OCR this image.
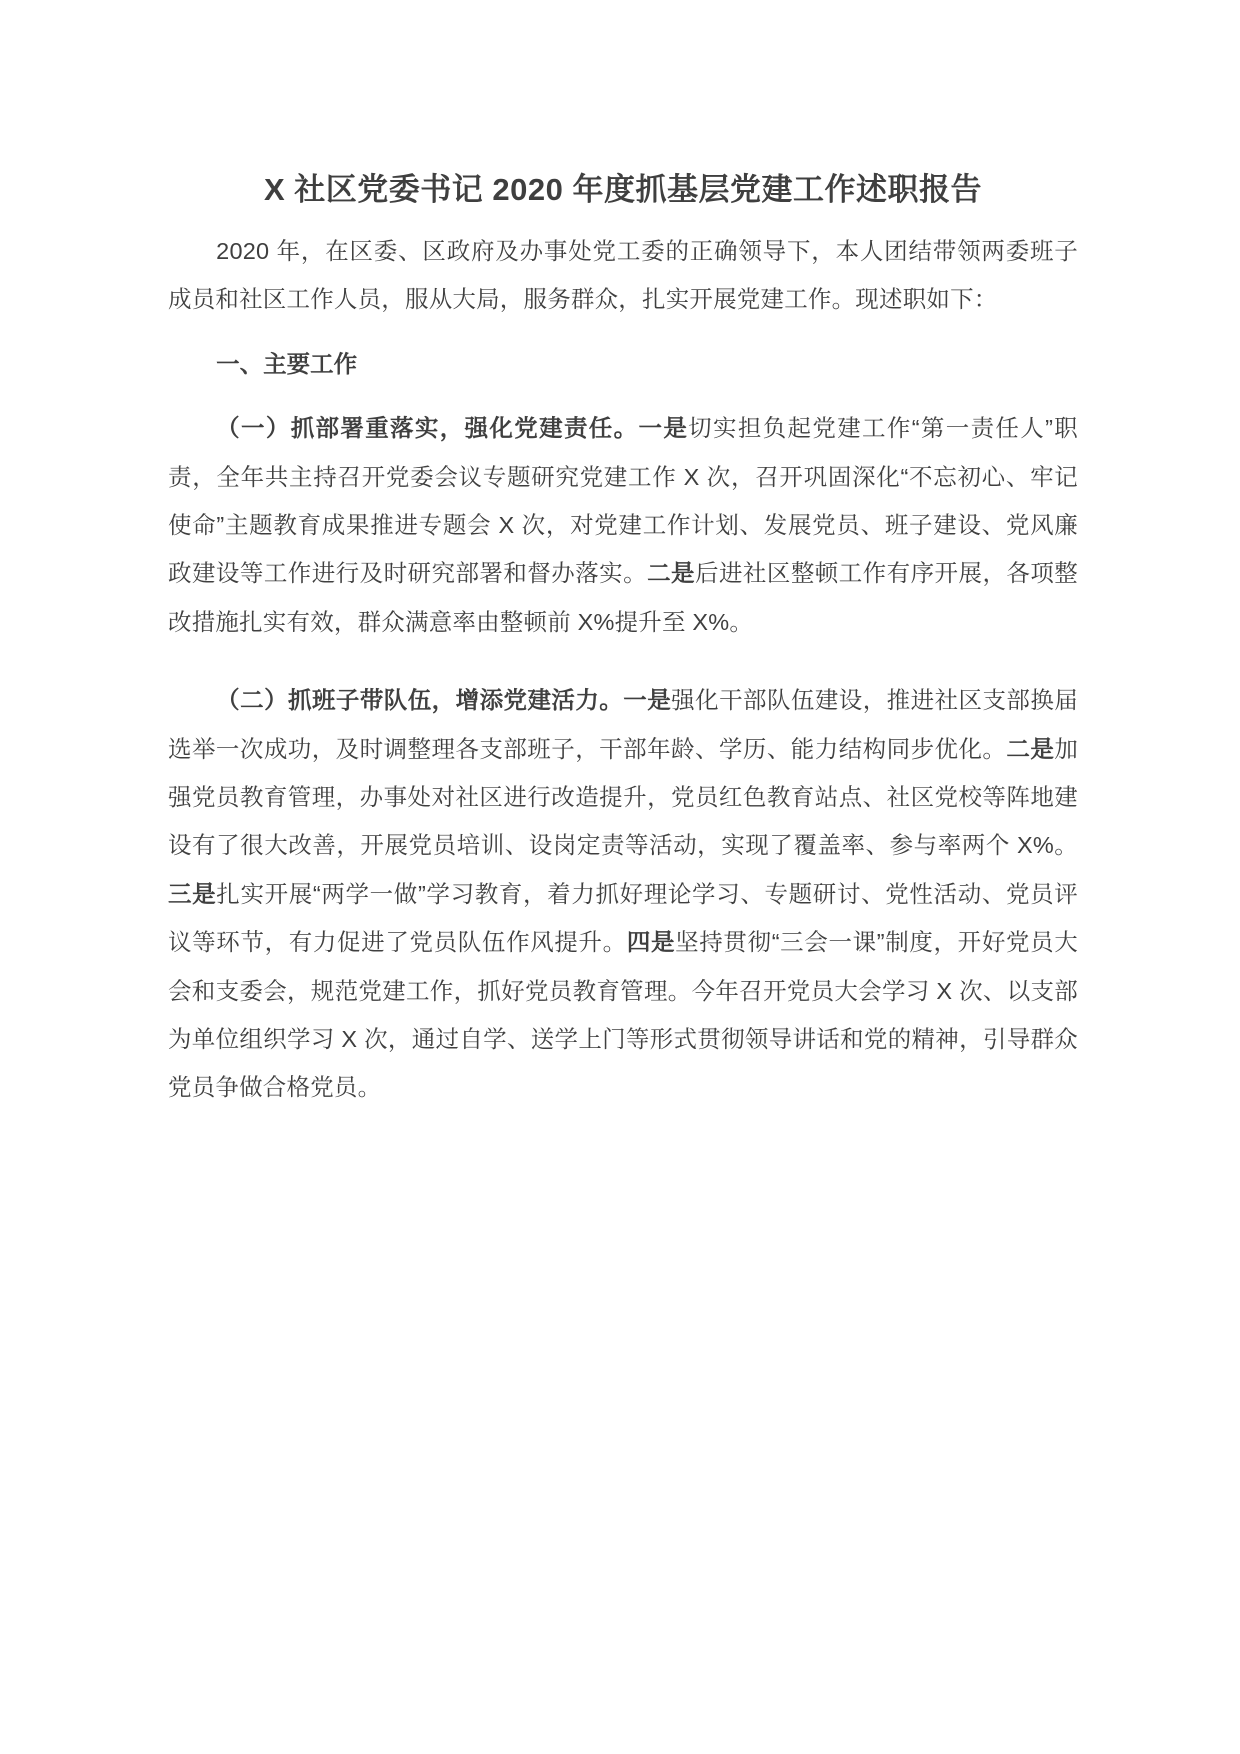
X 社区党委书记 2020 年度抓基层党建工作述职报告

2020 年，在区委、区政府及办事处党工委的正确领导下，本人团结带领两委班子成员和社区工作人员，服从大局，服务群众，扎实开展党建工作。现述职如下：

一、主要工作

（一）抓部署重落实，强化党建责任。一是切实担负起党建工作“第一责任人”职责，全年共主持召开党委会议专题研究党建工作 X 次，召开巩固深化“不忘初心、牢记使命”主题教育成果推进专题会 X 次，对党建工作计划、发展党员、班子建设、党风廉政建设等工作进行及时研究部署和督办落实。二是后进社区整顿工作有序开展，各项整改措施扎实有效，群众满意率由整顿前 X%提升至 X%。

（二）抓班子带队伍，增添党建活力。一是强化干部队伍建设，推进社区支部换届选举一次成功，及时调整理各支部班子，干部年龄、学历、能力结构同步优化。二是加强党员教育管理，办事处对社区进行改造提升，党员红色教育站点、社区党校等阵地建设有了很大改善，开展党员培训、设岗定责等活动，实现了覆盖率、参与率两个 X%。三是扎实开展“两学一做”学习教育，着力抓好理论学习、专题研讨、党性活动、党员评议等环节，有力促进了党员队伍作风提升。四是坚持贯彻“三会一课”制度，开好党员大会和支委会，规范党建工作，抓好党员教育管理。今年召开党员大会学习 X 次、以支部为单位组织学习 X 次，通过自学、送学上门等形式贯彻领导讲话和党的精神，引导群众党员争做合格党员。
